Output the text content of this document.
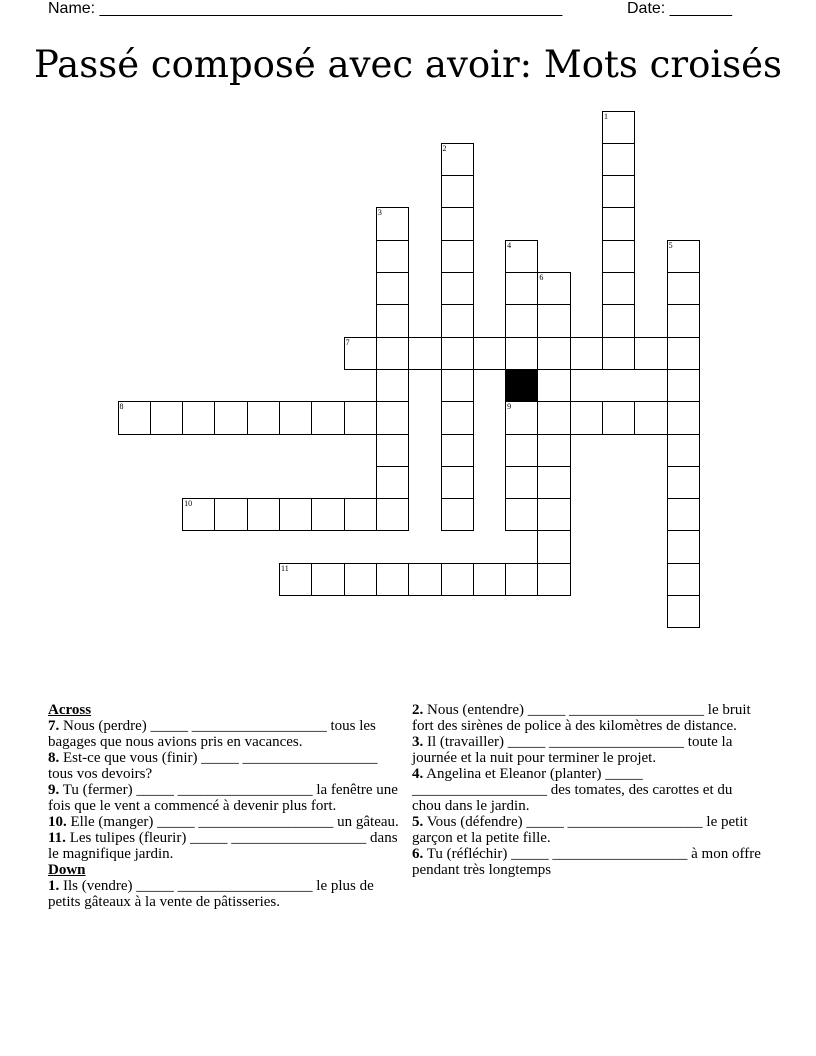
Name: ____________________________________________________	Date: _______
Passé composé avec avoir: Mots croisés
1
2
3
4
9
5
6
7
8
10
11
Across

7. Nous (perdre) _____ __________________ tous les bagages que nous avions pris en vacances.

8. Est-ce que vous (finir) _____ __________________ tous vos devoirs?

9. Tu (fermer) _____ __________________ la fenêtre une fois que le vent a commencé à devenir plus fort.

10. Elle (manger) _____ __________________ un gâteau.

11. Les tulipes (fleurir) _____ __________________ dans le magnifique jardin.

Down

1. Ils (vendre) _____ __________________ le plus de petits gâteaux à la vente de pâtisseries.

2. Nous (entendre) _____ __________________ le bruit fort des sirènes de police à des kilomètres de distance.

3. Il (travailler) _____ __________________ toute la journée et la nuit pour terminer le projet.

4. Angelina et Eleanor (planter) _____ __________________ des tomates, des carottes et du chou dans le jardin.

5. Vous (défendre) _____ __________________ le petit garçon et la petite fille.

6. Tu (réfléchir) _____ __________________ à mon offre pendant très longtemps
